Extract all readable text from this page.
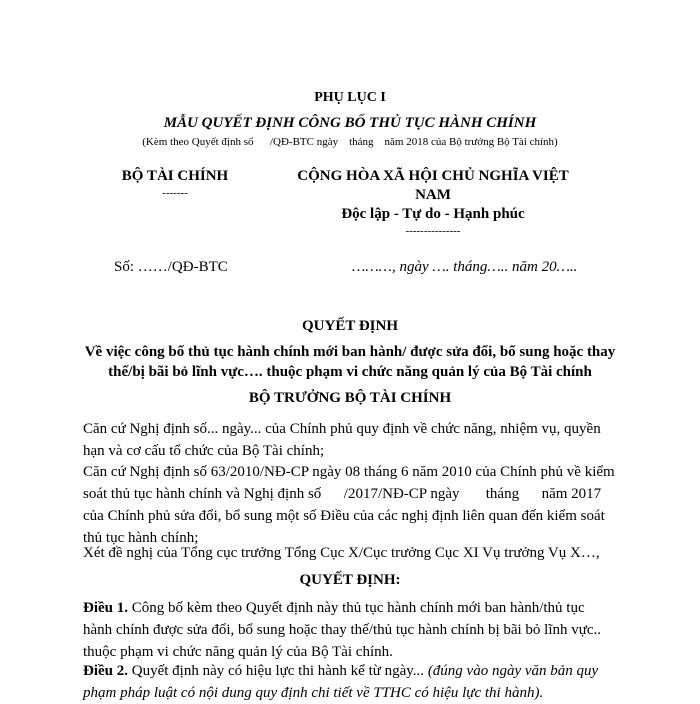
PHỤ LỤC I
MẪU QUYẾT ĐỊNH CÔNG BỐ THỦ TỤC HÀNH CHÍNH
(Kèm theo Quyết định số      /QĐ-BTC ngày    tháng    năm 2018 của Bộ trưởng Bộ Tài chính)
BỘ TÀI CHÍNH
-------
CỘNG HÒA XÃ HỘI CHỦ NGHĨA VIỆT
NAM
Độc lập - Tự do - Hạnh phúc
---------------
Số: ……/QĐ-BTC	………, ngày …. tháng….. năm 20…..
QUYẾT ĐỊNH
Về việc công bố thủ tục hành chính mới ban hành/ được sửa đổi, bổ sung hoặc thay
thế/bị bãi bỏ lĩnh vực…. thuộc phạm vi chức năng quản lý của Bộ Tài chính
BỘ TRƯỞNG BỘ TÀI CHÍNH
Căn cứ Nghị định số... ngày... của Chính phủ quy định về chức năng, nhiệm vụ, quyền hạn và cơ cấu tổ chức của Bộ Tài chính;
Căn cứ Nghị định số 63/2010/NĐ-CP ngày 08 tháng 6 năm 2010 của Chính phủ về kiểm soát thủ tục hành chính và Nghị định số      /2017/NĐ-CP ngày       tháng      năm 2017 của Chính phủ sửa đổi, bổ sung một số Điều của các nghị định liên quan đến kiểm soát thủ tục hành chính;
Xét đề nghị của Tổng cục trưởng Tổng Cục X/Cục trưởng Cục XI Vụ trưởng Vụ X…,
QUYẾT ĐỊNH:
Điều 1. Công bố kèm theo Quyết định này thủ tục hành chính mới ban hành/thủ tục hành chính được sửa đổi, bổ sung hoặc thay thế/thủ tục hành chính bị bãi bỏ lĩnh vực.. thuộc phạm vi chức năng quản lý của Bộ Tài chính.
Điều 2. Quyết định này có hiệu lực thi hành kể từ ngày... (đúng vào ngày văn bản quy phạm pháp luật có nội dung quy định chi tiết về TTHC có hiệu lực thi hành).
